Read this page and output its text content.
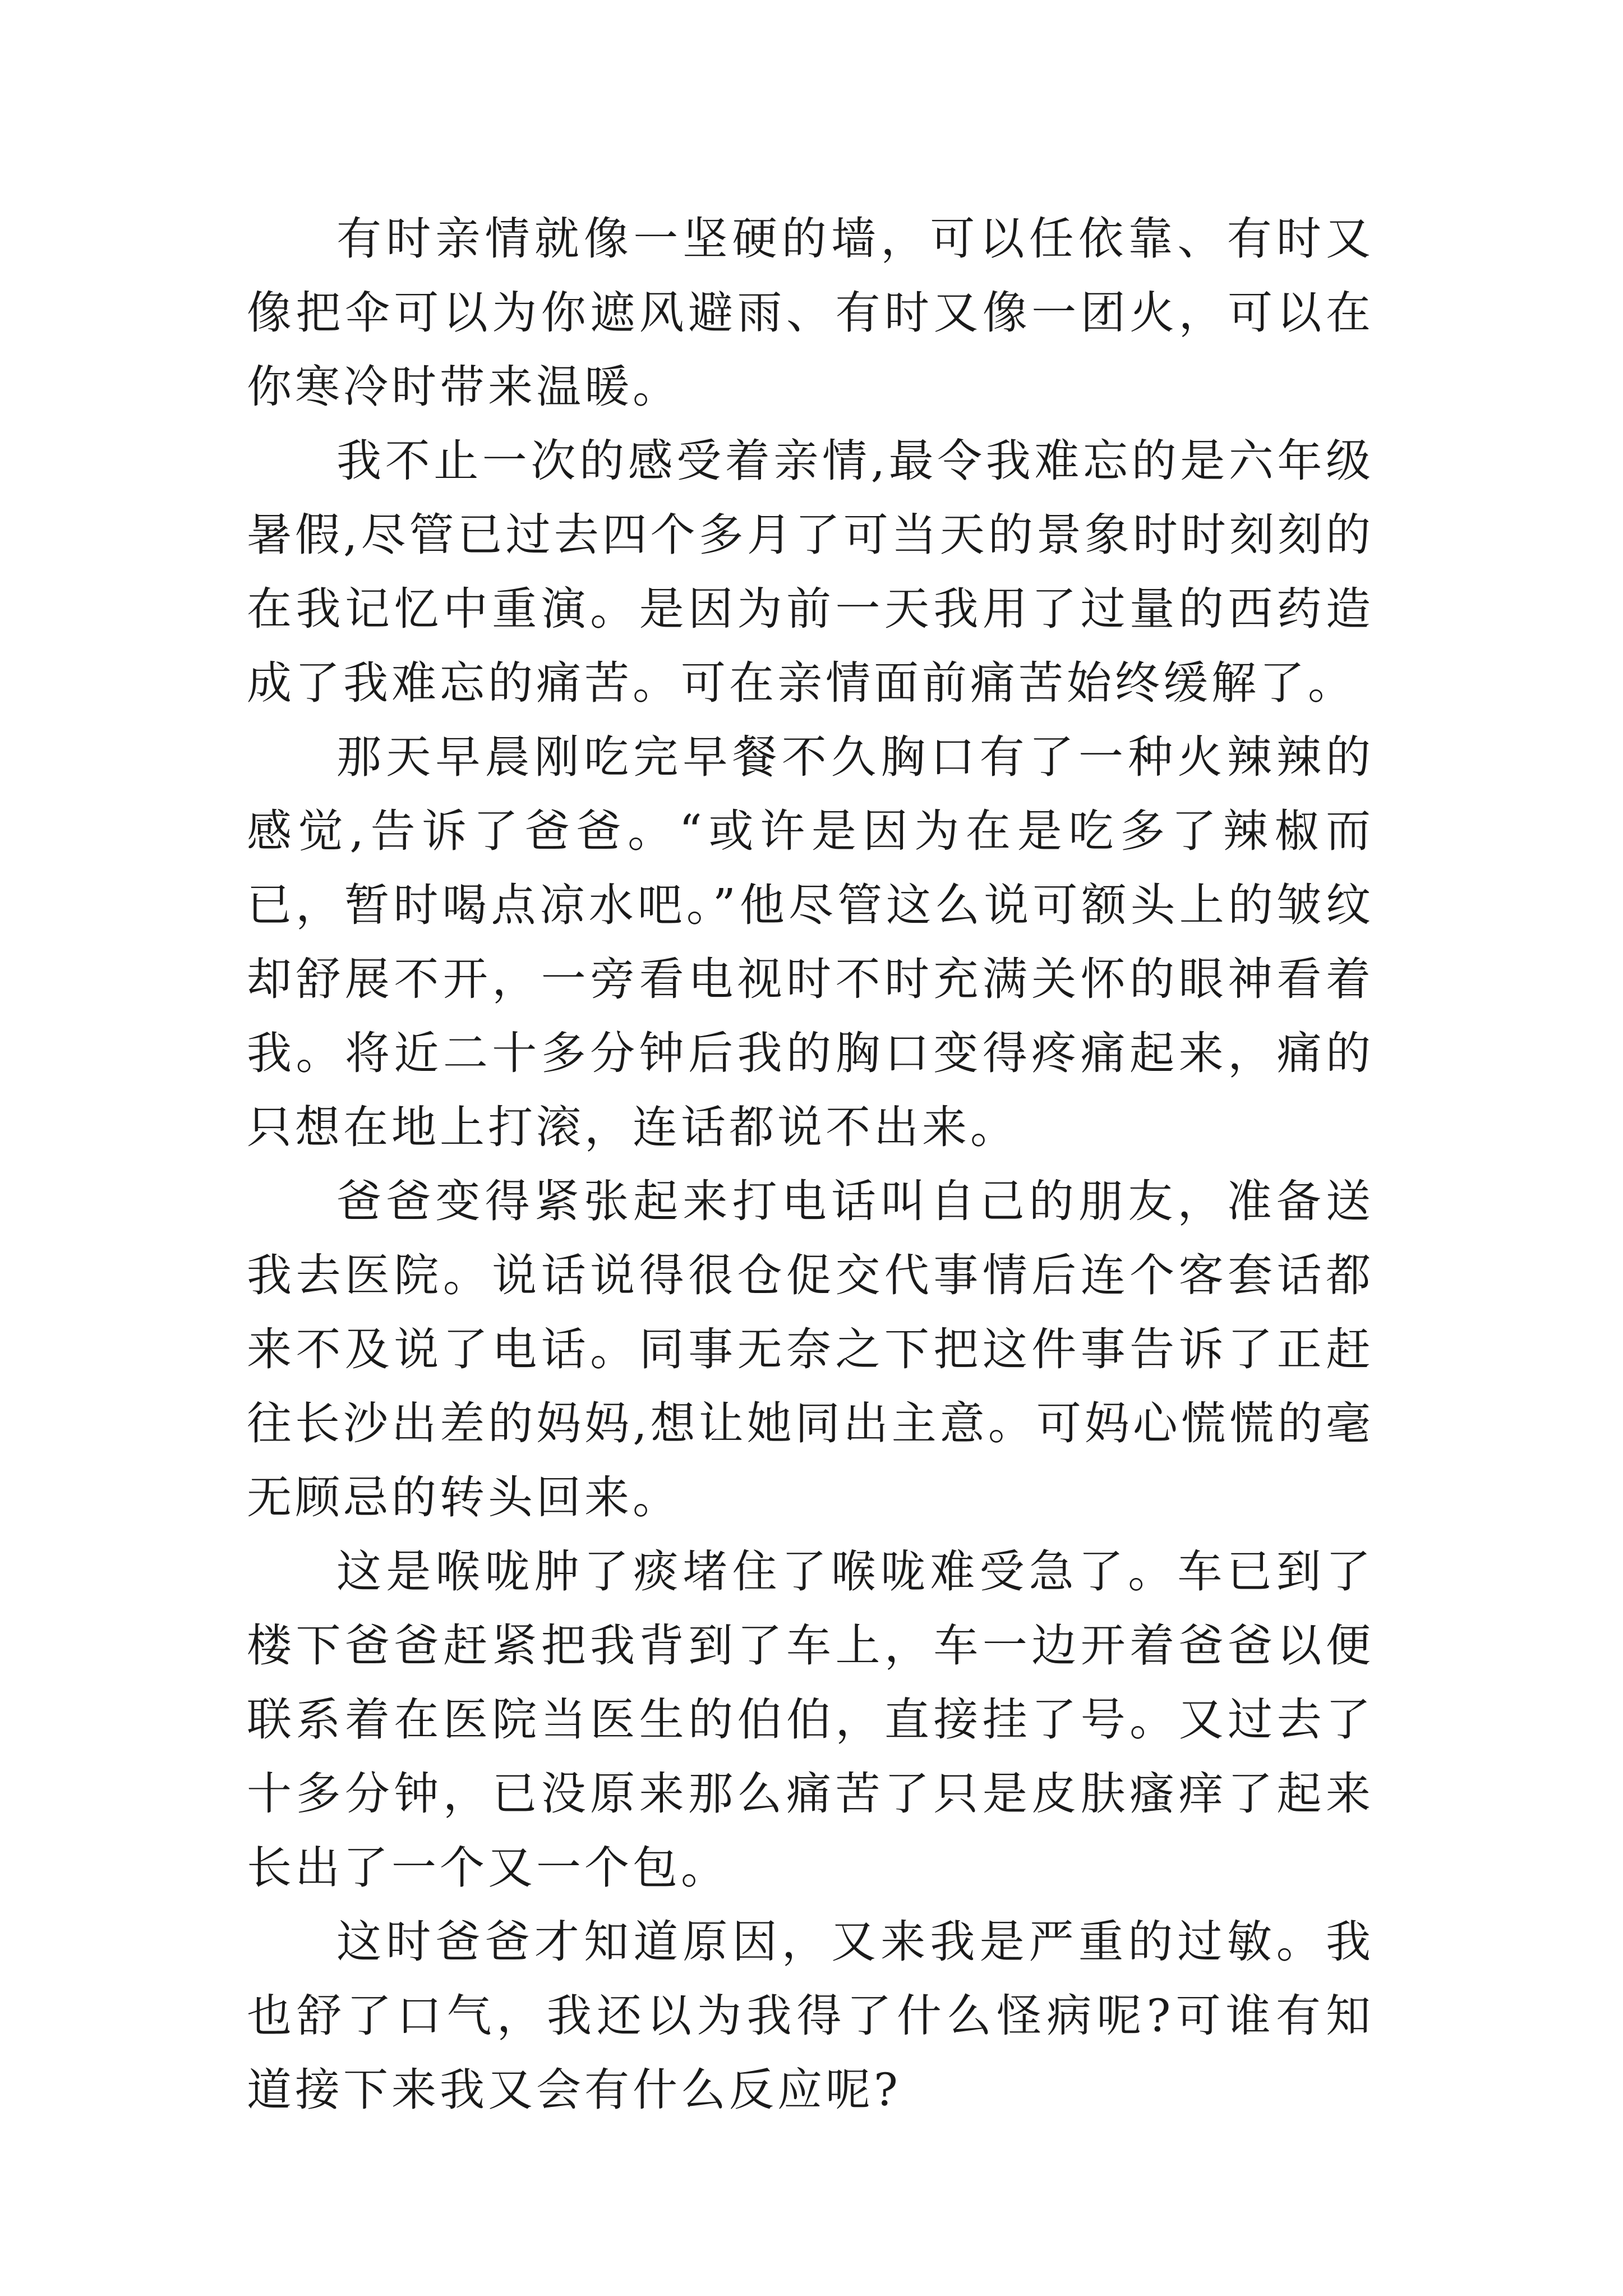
有时亲情就像一坚硬的墙，可以任依靠、有时又像把伞可以为你遮风避雨、有时又像一团火，可以在你寒冷时带来温暖。

我不止一次的感受着亲情,最令我难忘的是六年级暑假,尽管已过去四个多月了可当天的景象时时刻刻的在我记忆中重演。是因为前一天我用了过量的西药造成了我难忘的痛苦。可在亲情面前痛苦始终缓解了。

那天早晨刚吃完早餐不久胸口有了一种火辣辣的感觉,告诉了爸爸。“或许是因为在是吃多了辣椒而已，暂时喝点凉水吧。”他尽管这么说可额头上的皱纹却舒展不开，一旁看电视时不时充满关怀的眼神看着我。将近二十多分钟后我的胸口变得疼痛起来，痛的只想在地上打滚，连话都说不出来。

爸爸变得紧张起来打电话叫自己的朋友，准备送我去医院。说话说得很仓促交代事情后连个客套话都来不及说了电话。同事无奈之下把这件事告诉了正赶往长沙出差的妈妈,想让她同出主意。可妈心慌慌的毫无顾忌的转头回来。

这是喉咙肿了痰堵住了喉咙难受急了。车已到了楼下爸爸赶紧把我背到了车上，车一边开着爸爸以便联系着在医院当医生的伯伯，直接挂了号。又过去了十多分钟，已没原来那么痛苦了只是皮肤瘙痒了起来长出了一个又一个包。

这时爸爸才知道原因，又来我是严重的过敏。我也舒了口气，我还以为我得了什么怪病呢?可谁有知道接下来我又会有什么反应呢?
